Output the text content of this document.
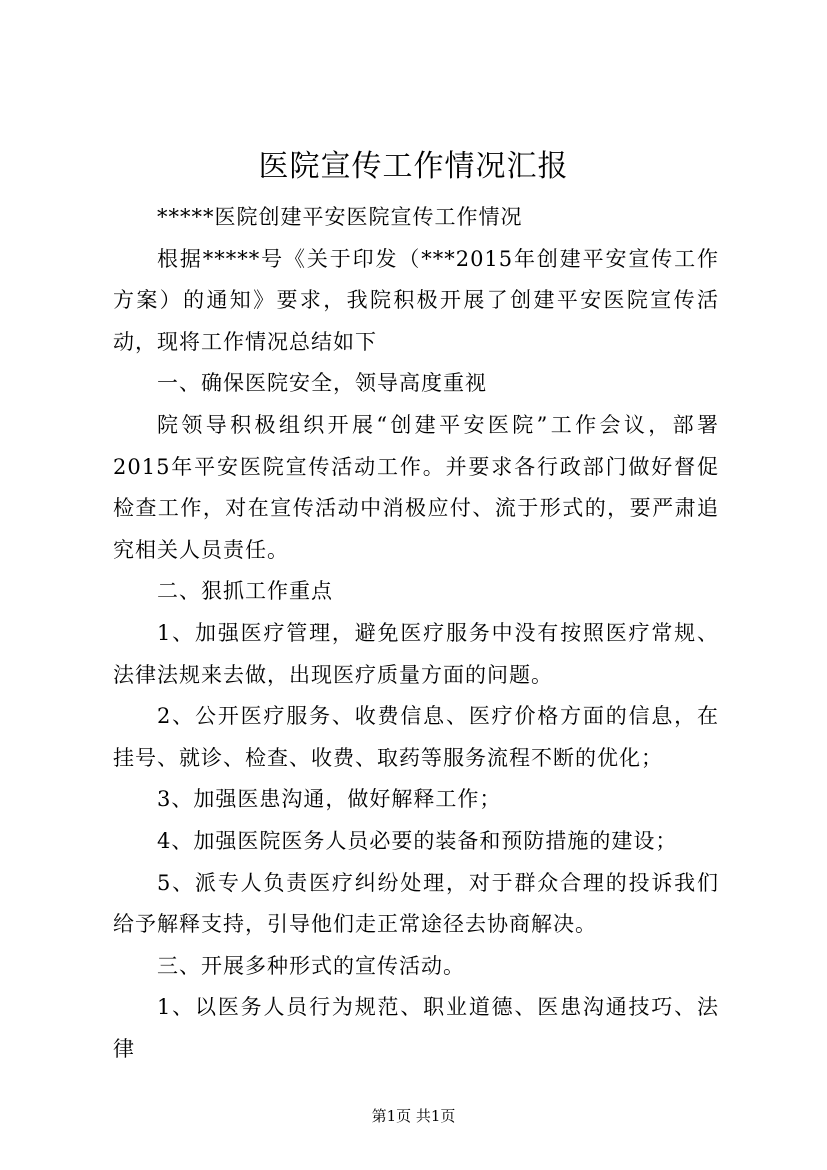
医院宣传工作情况汇报

*****医院创建平安医院宣传工作情况

根据*****号《关于印发（***2015年创建平安宣传工作方案）的通知》要求，我院积极开展了创建平安医院宣传活动，现将工作情况总结如下

一、确保医院安全，领导高度重视

院领导积极组织开展“创建平安医院”工作会议，部署2015年平安医院宣传活动工作。并要求各行政部门做好督促检查工作，对在宣传活动中消极应付、流于形式的，要严肃追究相关人员责任。

二、狠抓工作重点

1、加强医疗管理，避免医疗服务中没有按照医疗常规、法律法规来去做，出现医疗质量方面的问题。

2、公开医疗服务、收费信息、医疗价格方面的信息，在挂号、就诊、检查、收费、取药等服务流程不断的优化；

3、加强医患沟通，做好解释工作；

4、加强医院医务人员必要的装备和预防措施的建设；

5、派专人负责医疗纠纷处理，对于群众合理的投诉我们给予解释支持，引导他们走正常途径去协商解决。

三、开展多种形式的宣传活动。

1、以医务人员行为规范、职业道德、医患沟通技巧、法律

第1页 共1页
